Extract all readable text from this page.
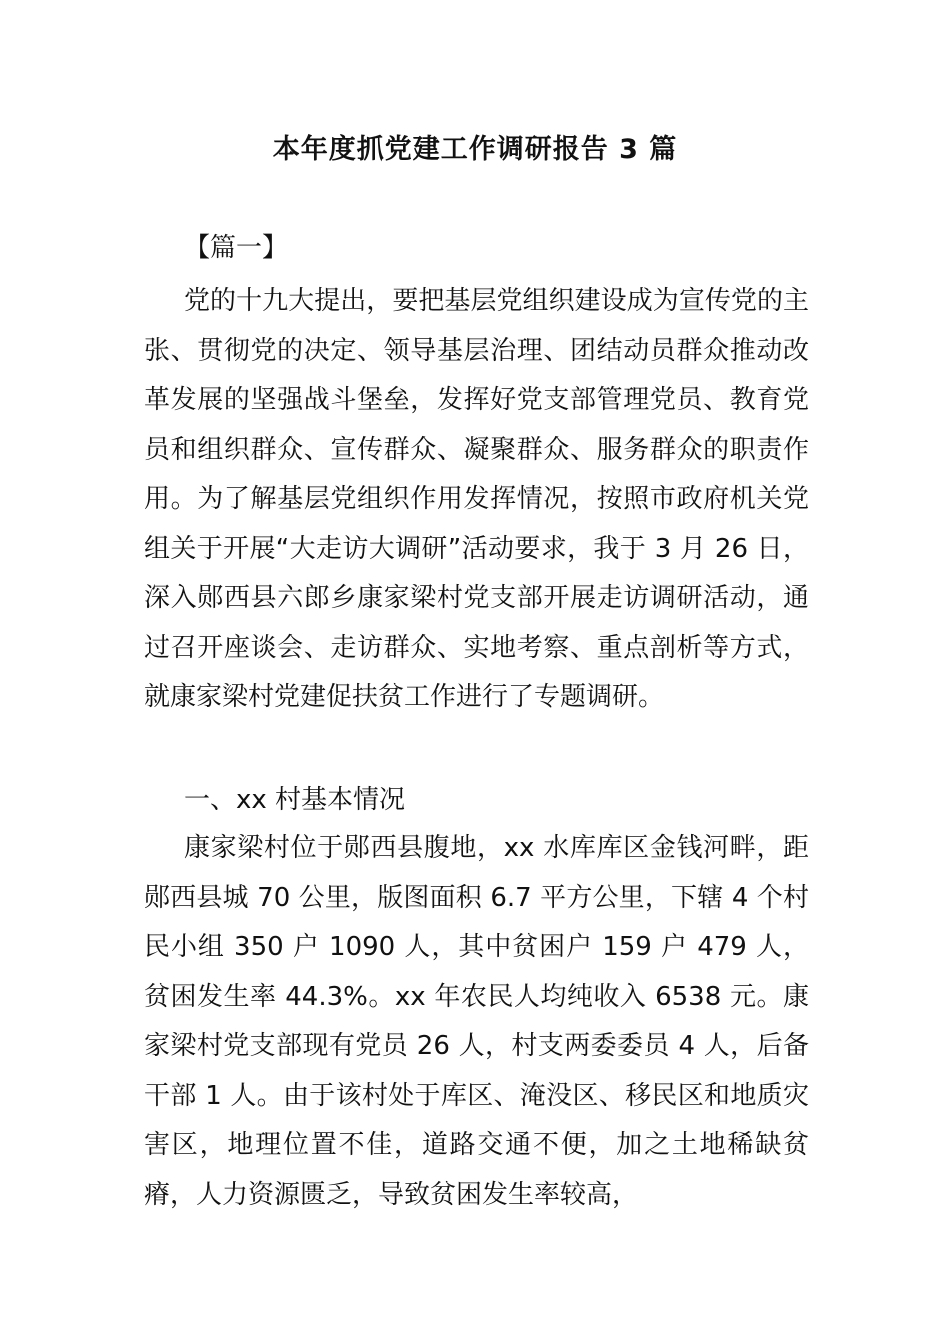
本年度抓党建工作调研报告 3 篇
【篇一】

党的十九大提出，要把基层党组织建设成为宣传党的主张、贯彻党的决定、领导基层治理、团结动员群众推动改革发展的坚强战斗堡垒，发挥好党支部管理党员、教育党员和组织群众、宣传群众、凝聚群众、服务群众的职责作用。为了解基层党组织作用发挥情况，按照市政府机关党组关于开展“大走访大调研”活动要求，我于 3 月 26 日，深入郧西县六郎乡康家梁村党支部开展走访调研活动，通过召开座谈会、走访群众、实地考察、重点剖析等方式，就康家梁村党建促扶贫工作进行了专题调研。

一、xx 村基本情况

康家梁村位于郧西县腹地，xx 水库库区金钱河畔，距郧西县城 70 公里，版图面积 6.7 平方公里，下辖 4 个村民小组 350 户 1090 人，其中贫困户 159 户 479 人，贫困发生率 44.3%。xx 年农民人均纯收入 6538 元。康家梁村党支部现有党员 26 人，村支两委委员 4 人，后备干部 1 人。由于该村处于库区、淹没区、移民区和地质灾害区，地理位置不佳，道路交通不便，加之土地稀缺贫瘠，人力资源匮乏，导致贫困发生率较高，
